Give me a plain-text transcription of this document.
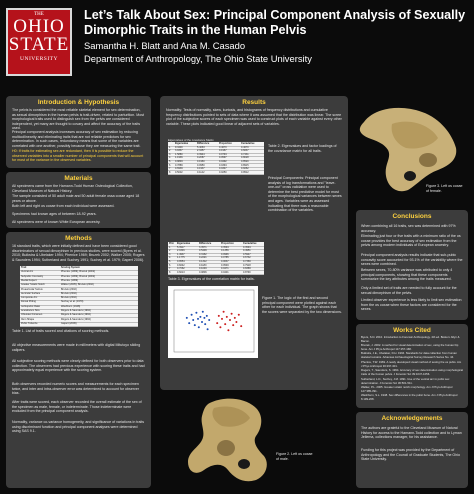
THE
OHIO
STATE
UNIVERSITY
Let’s Talk About Sex: Principal Component Analysis of Sexually Dimorphic Traits in the Human Pelvis
Samantha H. Blatt and Ana M. Casado
Department of Anthropology, The Ohio State University
Introduction & Hypothesis
The pelvis is considered the most reliable skeletal element for sex determination, as sexual dimorphism in the human pelvis is trait-driven, related to parturition. Most morphological traits used to distinguish sex from the pelvis are considered independent, yet many are thought to covary and affect the accuracy of the traits used.
Principal component analysis increases accuracy of sex estimation by reducing multicollinearity and eliminating traits that are not reliable predictors for sex determination. In such cases, redundancy means that some of the variables are correlated with one another, possibly because they are measuring the same trait.
H0: If traits for estimating sex are redundant, then it is possible to reduce the observed variables into a smaller number of principal components that will account for most of the variance in the observed variables.
Materials
All specimens came from the Hamann-Todd Human Osteological Collection, Cleveland Museum of Natural History.
The sample consisted of 50 adult male and 50 adult female ossa coxae aged 18 years or above.
Both left and right os coxae from each individual were assessed.
Specimens had known ages of between 18-92 years.
All specimens were of known White European ancestry.
Methods
16 standard traits, which were initially defined and have been considered good discriminators of sexual dimorphism in previous studies, were scored (Byers et al. 2010; Buikstra & Ubelaker 1994; Phenice 1969; Bruzek 2002; Walker 2005; Rogers & Saunders 1994; Sutherland and Suchey 1991; Suchey et al. 1979; Gapert 2006).
Trait	Scoring System
Ventral Arc	Phenice (1969); Bruzek (2002)
Subpubic Concavity	Phenice (1969); Bruzek (2002)
Medial Aspect	Phenice (1969)
Greater Sciatic Notch	Walker (2005); Bruzek (2002)
Preauricular Sulcus	Bruzek (2002)
Auricular Surface	Bruzek (2002)
Composite Arc	Bruzek (2002)
Dorsal Pitting	Suchey et al. (1979)
Ischiopubic Ratio	Washburn (1948)
Acetabulum Size	Rogers & Saunders (1994)
Obturator Foramen	Rogers & Saunders (1994)
Ilium Shape	Rogers & Saunders (1994)
Pubic Tubercle	Gapert (2006)
Table 1. List of traits scored and citations of scoring methods.
All objective measurements were made in millimeters with digital Mitutoyo sliding calipers.
All subjective scoring methods were clearly defined for both observers prior to data collection. The observers had previous experience with scoring these traits and had approximately equal experience with the scoring system.
Both observers recorded numeric scores and measurements for each specimen twice, and inter and intra-observer error was determined to account for observer bias.
After traits were scored, each observer recorded the overall estimate of the sex of the specimen as male, female, or indeterminate. Those indeterminate were excluded from the principal component analysis.
Normality, variance co-variance homogeneity, and significance of variations in traits using discriminant function and principal component analyses were determined using SAS 9.1.
Results
Normality: Tests of normality, skew, kurtosis, and histograms of frequency distributions and cumulative frequency distributions pointed to sets of data where it was assumed that the distribution was linear. The scree plot of the subjective scores of each specimen was used to construct plots of each variable against every other variable. These plots indicated good linear of adjacent sets of variables.
Eigenvalues of the covariance Matrix
Eigenvalue	Difference	Proportion	Cumulative
1 9.3400	5.4063	0.4670	0.4670
2 3.9337	2.3457	0.1967	0.6637
3 1.5880	0.3944	0.0794	0.7431
4 1.1936	0.2087	0.0597	0.8028
5 0.9849	0.1960	0.0492	0.8520
6 0.7889	0.0950	0.0394	0.8915
7 0.6939	0.1937	0.0347	0.9262
8 0.5002	0.1142	0.0250	0.9512
Table 2. Eigenvalues and factor loadings of the covariance matrix for all traits.
Principal Components: Principal component analysis of log transformations and "leave-one-out" cross validation were used to determine the best predictive model for most of the morphological variances between sexes and ages. Variables were as assessed indicating that there was a reasonable combination of the variables.
Prin Eigenvalue	Difference	Proportion	Cumulative
1	5.3917	3.3571	0.3594	0.3594
2	2.0346	0.5409	0.1356	0.4951
3	1.4937	0.3162	0.0996	0.5947
4	1.1775	0.2221	0.0785	0.6732
5	0.9554	0.1312	0.0637	0.7369
6	0.8242	0.1180	0.0549	0.7918
7	0.7062	0.1049	0.0471	0.8389
8	0.6013	0.0806	0.0401	0.8790
Table 3. Eigenvalues of the correlation matrix for traits.
Figure 1. The logic of the first and second principal component were plotted against each other for each individual. The graph shows that the scores were separated by the two dimensions.
Figure 3. Left os coxae of female.
Figure 2. Left os coxae of male.
Conclusions
When combining all 16 traits, sex was determined with 97% accuracy.
Eliminating just four or five traits with a minimum ratio of the os coxae provides the best accuracy of sex estimation from the pelvis among modern individuals of European ancestry.
Principal component analysis results indicate that sub-pubic concavity score accounted for 93.1% of the variability where the sexes were combined.
Between sexes, 70-80% variance was attributed to only 4 principal components, showing that these components summarize the key attributes among the traits measured.
Only a limited set of traits are needed to fully account for the sexual dimorphism of the pelvis.
Limited observer experience is less likely to limit sex estimation from the os coxae when these factors are considered for the sexes.
Works Cited
Byers, S.N. 2010. Introduction to Forensic Anthropology. 4th ed. Boston: Allyn & Bacon.
Bruzek, J. 2002. A method for visual determination of sex, using the human hip bone. Am J Phys Anthropol 117:157-168.
Buikstra, J.E., Ubelaker, D.H. 1994. Standards for data collection from human skeletal remains. Arkansas Archaeological Survey Research Series No. 44.
Phenice, T.W. 1969. A newly developed visual method of sexing the os pubis. Am J Phys Anthropol 30:297-301.
Rogers, T., Saunders, S. 1994. Accuracy of sex determination using morphological traits of the human pelvis. J Forensic Sci 39:1047-1056.
Sutherland, L.D., Suchey, J.M. 1991. Use of the ventral arc in pubic sex determination. J Forensic Sci 36:501-511.
Walker, P.L. 2005. Greater sciatic notch morphology. Am J Phys Anthropol 127:385-391.
Washburn, S.L. 1948. Sex differences in the pubic bone. Am J Phys Anthropol 6:199-208.
Acknowledgements
The authors are grateful to the Cleveland Museum of Natural History for access to the Hamann-Todd collection and to Lyman Jellema, collections manager, for his assistance.
Funding for this project was provided by the Department of Anthropology and the Council of Graduate Students, The Ohio State University.
